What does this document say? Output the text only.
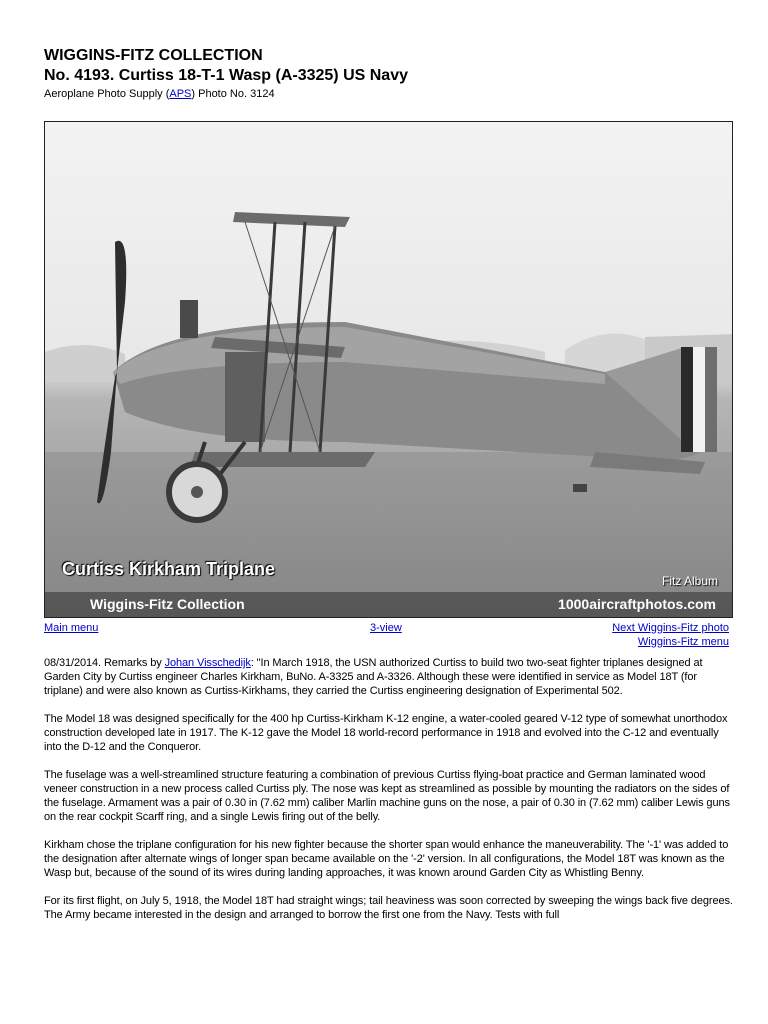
WIGGINS-FITZ COLLECTION
No. 4193. Curtiss 18-T-1 Wasp (A-3325) US Navy
Aeroplane Photo Supply (APS) Photo No. 3124
Curtiss Kirkham Triplane
Fitz Album
Wiggins-Fitz Collection	1000aircraftphotos.com
Main menu	3-view	Next Wiggins-Fitz photo
Wiggins-Fitz menu

08/31/2014. Remarks by Johan Visschedijk: "In March 1918, the USN authorized Curtiss to build two two-seat fighter triplanes designed at Garden City by Curtiss engineer Charles Kirkham, BuNo. A-3325 and A-3326. Although these were identified in service as Model 18T (for triplane) and were also known as Curtiss-Kirkhams, they carried the Curtiss engineering designation of Experimental 502.

The Model 18 was designed specifically for the 400 hp Curtiss-Kirkham K-12 engine, a water-cooled geared V-12 type of somewhat unorthodox construction developed late in 1917. The K-12 gave the Model 18 world-record performance in 1918 and evolved into the C-12 and eventually into the D-12 and the Conqueror.

The fuselage was a well-streamlined structure featuring a combination of previous Curtiss flying-boat practice and German laminated wood veneer construction in a new process called Curtiss ply. The nose was kept as streamlined as possible by mounting the radiators on the sides of the fuselage. Armament was a pair of 0.30 in (7.62 mm) caliber Marlin machine guns on the nose, a pair of 0.30 in (7.62 mm) caliber Lewis guns on the rear cockpit Scarff ring, and a single Lewis firing out of the belly.

Kirkham chose the triplane configuration for his new fighter because the shorter span would enhance the maneuverability. The '-1' was added to the designation after alternate wings of longer span became available on the '-2' version. In all configurations, the Model 18T was known as the Wasp but, because of the sound of its wires during landing approaches, it was known around Garden City as Whistling Benny.

For its first flight, on July 5, 1918, the Model 18T had straight wings; tail heaviness was soon corrected by sweeping the wings back five degrees. The Army became interested in the design and arranged to borrow the first one from the Navy. Tests with full
